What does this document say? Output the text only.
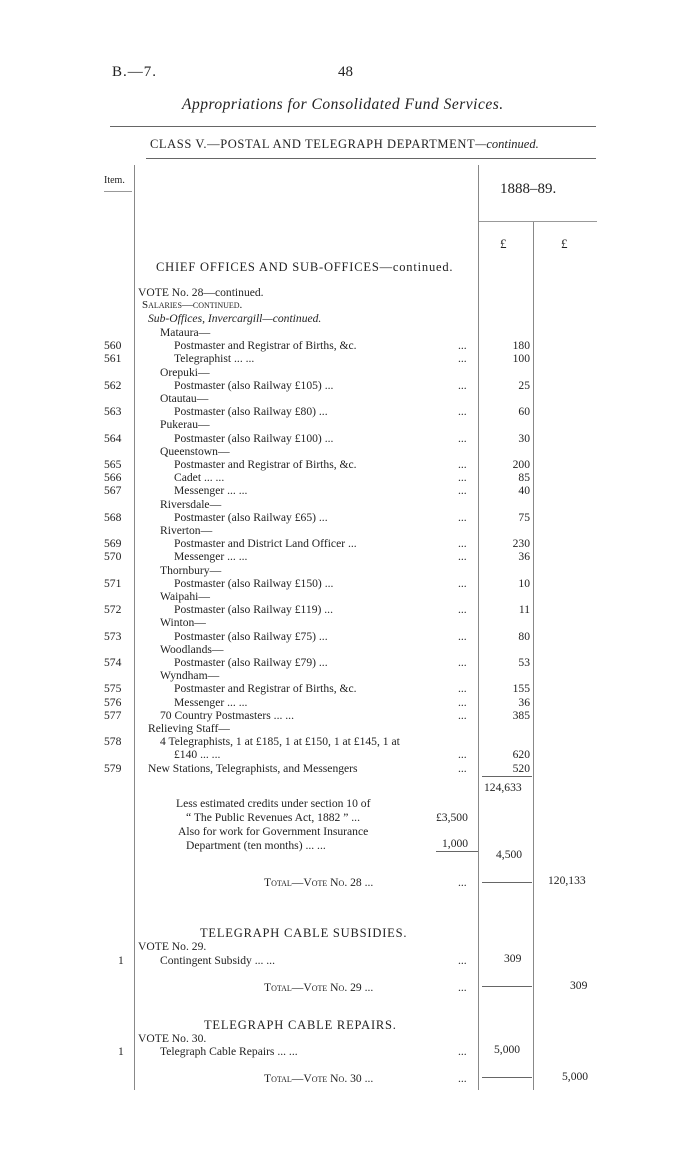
B.—7.	48
Appropriations for Consolidated Fund Services.
CLASS V.—POSTAL AND TELEGRAPH DEPARTMENT—continued.
Item.
1888–89.
£	£
CHIEF OFFICES AND SUB-OFFICES—continued.
VOTE No. 28—continued.
Salaries—continued.
Sub-Offices, Invercargill—continued.
Mataura—
560	Postmaster and Registrar of Births, &c.	...	180
561	Telegraphist ... ...	...	100
Orepuki—
562	Postmaster (also Railway £105) ...	...	25
Otautau—
563	Postmaster (also Railway £80) ...	...	60
Pukerau—
564	Postmaster (also Railway £100) ...	...	30
Queenstown—
565	Postmaster and Registrar of Births, &c.	...	200
566	Cadet ... ...	...	85
567	Messenger ... ...	...	40
Riversdale—
568	Postmaster (also Railway £65) ...	...	75
Riverton—
569	Postmaster and District Land Officer ...	...	230
570	Messenger ... ...	...	36
Thornbury—
571	Postmaster (also Railway £150) ...	...	10
Waipahi—
572	Postmaster (also Railway £119) ...	...	11
Winton—
573	Postmaster (also Railway £75) ...	...	80
Woodlands—
574	Postmaster (also Railway £79) ...	...	53
Wyndham—
575	Postmaster and Registrar of Births, &c.	...	155
576	Messenger ... ...	...	36
577	70 Country Postmasters ... ...	...	385
Relieving Staff—
578	4 Telegraphists, 1 at £185, 1 at £150, 1 at £145, 1 at
£140 ... ...	...	620
579	New Stations, Telegraphists, and Messengers	...	520
124,633
Less estimated credits under section 10 of
“ The Public Revenues Act, 1882 ” ...	£3,500
Also for work for Government Insurance
Department (ten months) ... ...	1,000
4,500
Total—Vote No. 28 ...	...	120,133
TELEGRAPH CABLE SUBSIDIES.
VOTE No. 29.
1	Contingent Subsidy ... ...	...	309
Total—Vote No. 29 ...	...	309
TELEGRAPH CABLE REPAIRS.
VOTE No. 30.
1	Telegraph Cable Repairs ... ...	... 5,000
Total—Vote No. 30 ...	...	5,000
